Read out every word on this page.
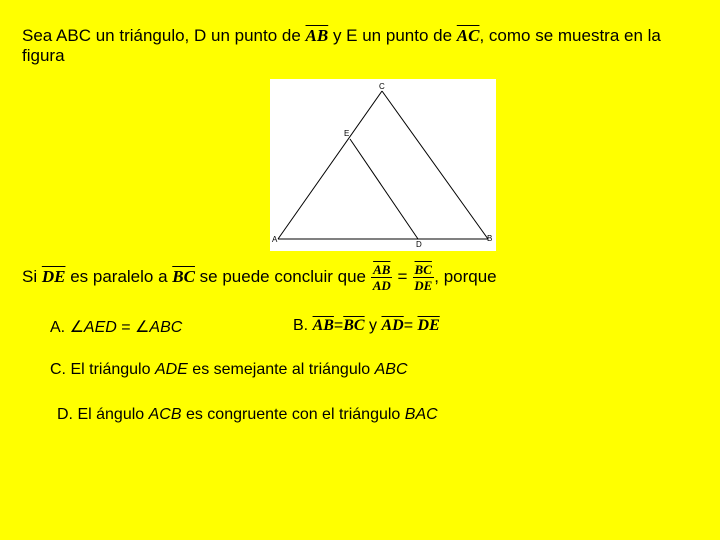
Sea ABC un triángulo, D un punto de $\overline{AB}$ y E un punto de $\overline{AC}$, como se muestra en la figura
A	B
C
D
E
Si $\overline{DE}$ es paralelo a $\overline{BC}$ se puede concluir que $\frac{\overline{AB}}{AD} = \frac{\overline{BC}}{DE}$ , porque
A. ∠AED = ∠ABC	B. $\overline{AB}=\overline{BC}$ y $\overline{AD}= \overline{DE}$
C. El triángulo ADE es semejante al triángulo ABC
D. El ángulo ACB es congruente con el triángulo BAC
